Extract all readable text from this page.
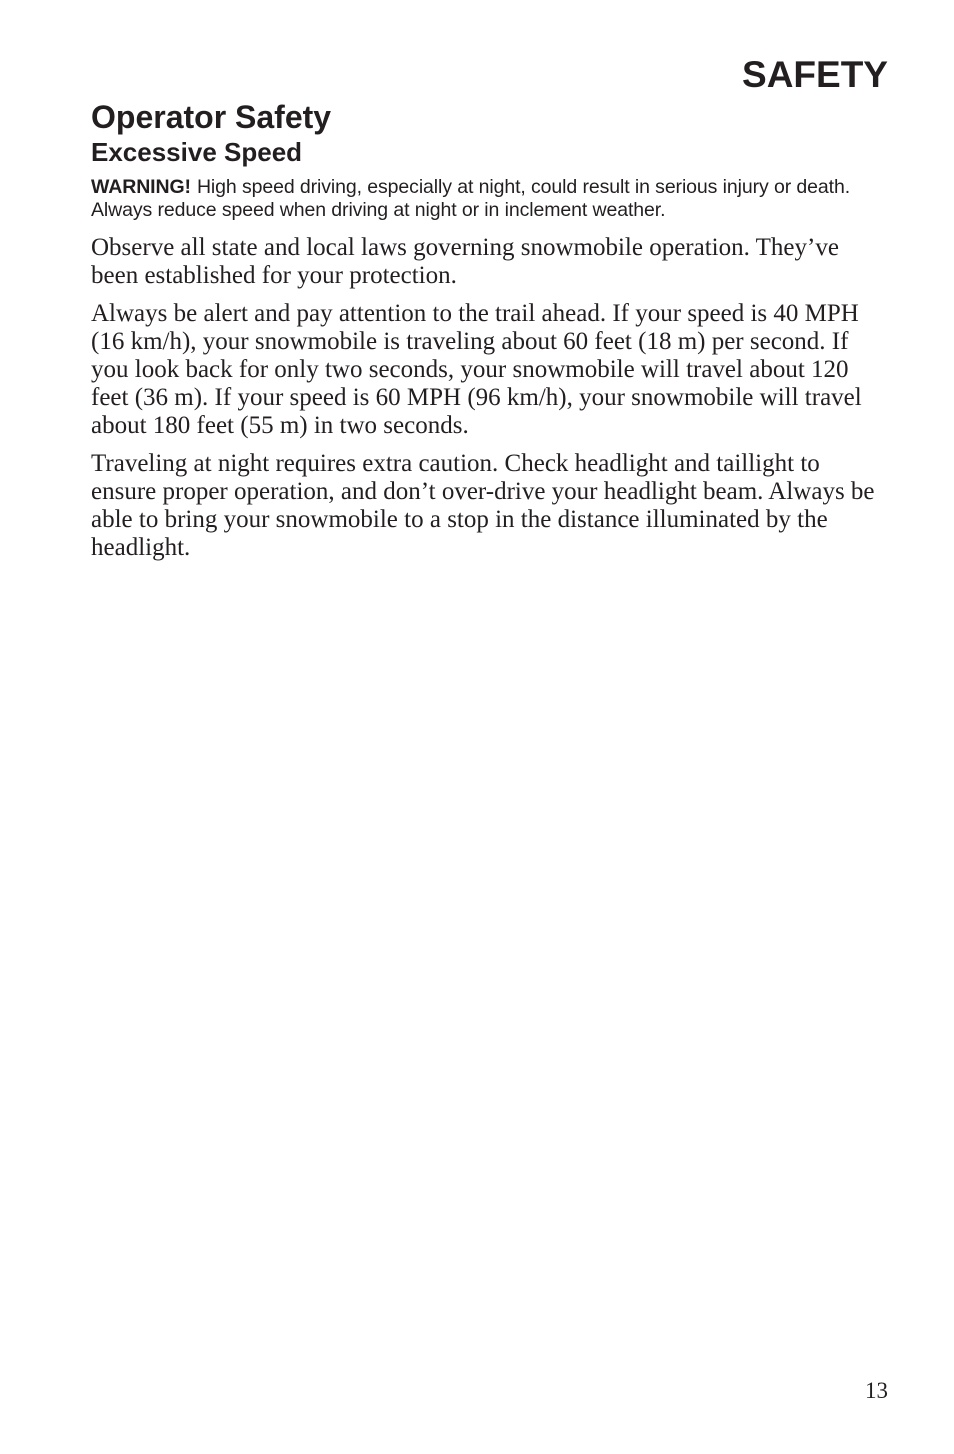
SAFETY
Operator Safety
Excessive Speed

WARNING! High speed driving, especially at night, could result in serious injury or death. Always reduce speed when driving at night or in inclement weather.

Observe all state and local laws governing snowmobile operation. They’ve been established for your protection.

Always be alert and pay attention to the trail ahead. If your speed is 40 MPH (16 km/h), your snowmobile is traveling about 60 feet (18 m) per second. If you look back for only two seconds, your snowmobile will travel about 120 feet (36 m). If your speed is 60 MPH (96 km/h), your snowmobile will travel about 180 feet (55 m) in two seconds.

Traveling at night requires extra caution. Check headlight and taillight to ensure proper operation, and don’t over-drive your headlight beam. Always be able to bring your snowmobile to a stop in the distance illuminated by the headlight.

13
